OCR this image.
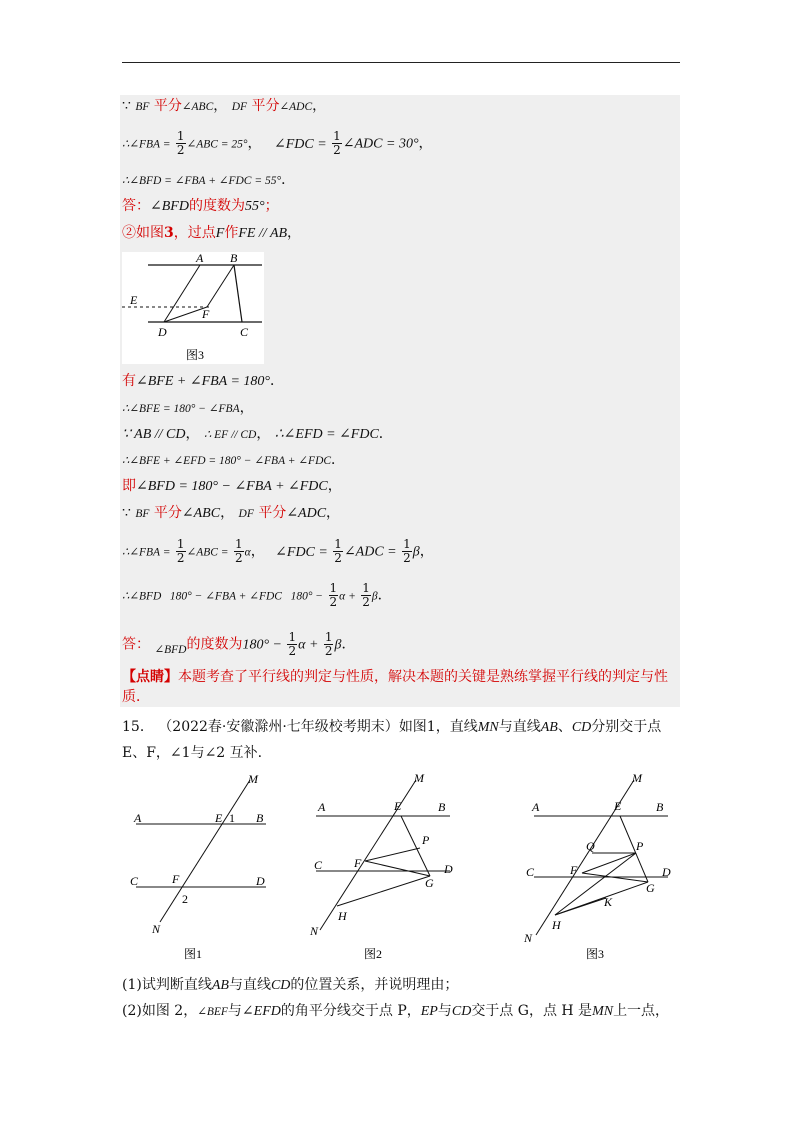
∵ BF 平分∠ABC， DF 平分∠ADC，
∴∠FBA = $\frac{1}{2}$ ∠ABC = 25°， ∠FDC = $\frac{1}{2}$ ∠ADC = 30°，
∴∠BFD = ∠FBA + ∠FDC = 55°．
答：∠BFD的度数为55°；
②如图3，过点F作FE // AB，
A B
E
F
D	C
图3
有∠BFE + ∠FBA = 180°．
∴∠BFE = 180° − ∠FBA，
∵ AB // CD， ∴ EF // CD， ∴∠EFD = ∠FDC．
∴∠BFE + ∠EFD = 180° − ∠FBA + ∠FDC．
即∠BFD = 180° − ∠FBA + ∠FDC，
∵ BF 平分∠ABC， DF 平分∠ADC，
∴∠FBA = $\frac{1}{2}$ ∠ABC = $\frac{1}{2}$ α， ∠FDC = $\frac{1}{2}$ ∠ADC = $\frac{1}{2}$ β，
∴∠BFD   180° − ∠FBA + ∠FDC   $180^\circ - \frac{1}{2}$ $\alpha + \frac{1}{2}$ β．
答： $_{\angle BFD}$的度数为$180^\circ - \frac{1}{2}$ $\alpha + \frac{1}{2}$ β．
【点睛】本题考查了平行线的判定与性质，解决本题的关键是熟练掌握平行线的判定与性
质．
15． （2022春·安徽滁州·七年级校考期末）如图1，直线MN与直线AB、CD分别交于点
E、F，∠1与∠2 互补.
M
A	E 1 B
C	F	D
2
N
图1
M
A	E	B
P
C	F	D
G
H
N
图2
M
A	E	B
Q	P
C	F	D
G
K
H
N
图3
(1)试判断直线AB与直线CD的位置关系，并说明理由；
(2)如图 2，∠BEF与∠EFD的角平分线交于点 P，EP与CD交于点 G，点 H 是MN上一点，
